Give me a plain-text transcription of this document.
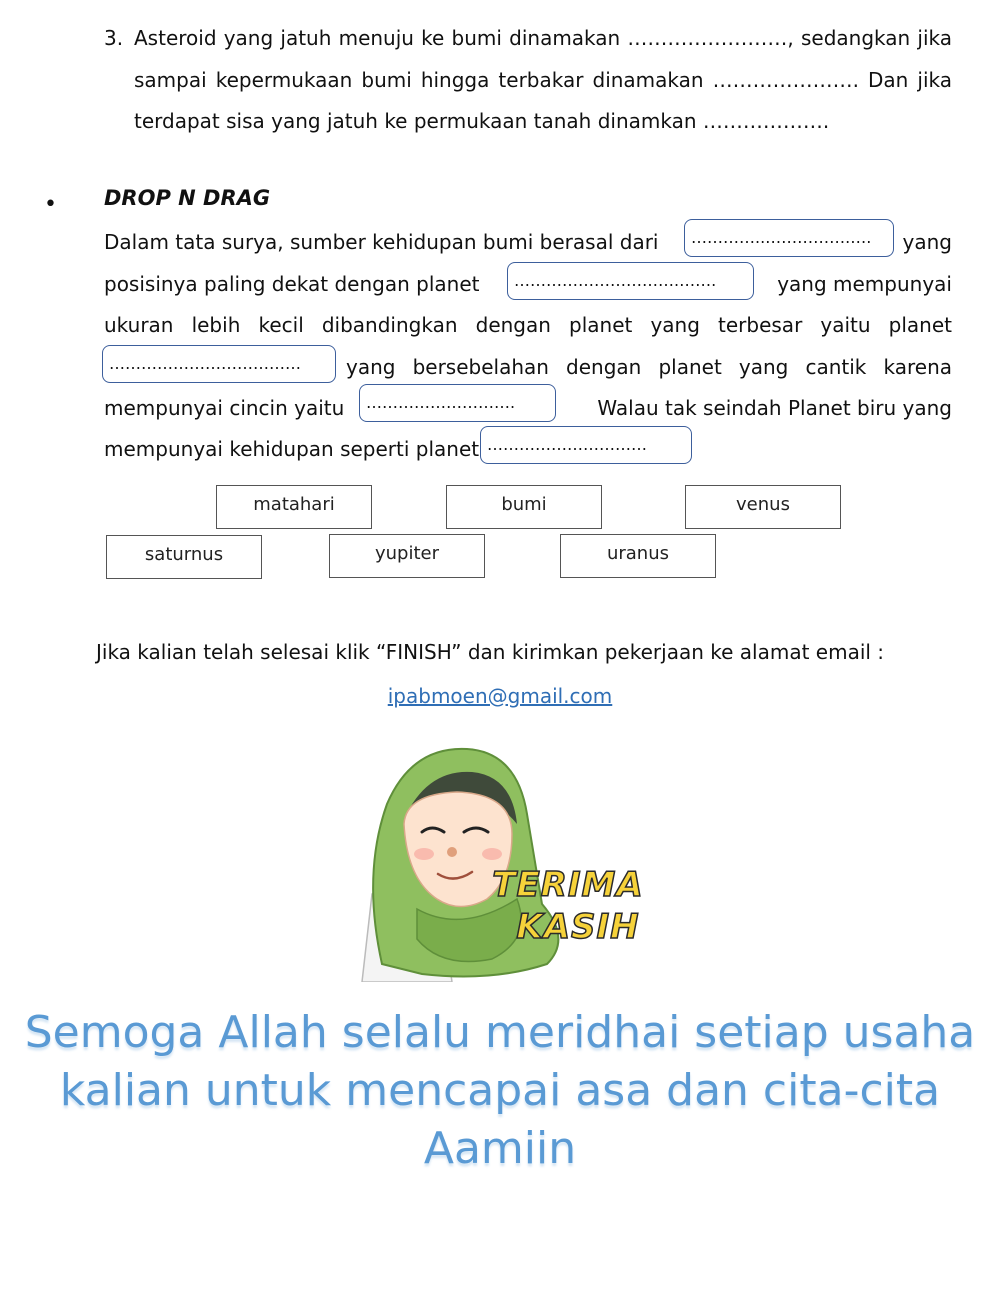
3. Asteroid yang jatuh menuju ke bumi dinamakan ……………………, sedangkan jika
sampai kepermukaan bumi hingga terbakar dinamakan …………………. Dan jika
terdapat sisa yang jatuh ke permukaan tanah dinamkan ……………….
• DROP N DRAG
Dalam tata surya, sumber kehidupan bumi berasal dari	yang
posisinya paling dekat dengan planet	yang mempunyai
ukuran lebih kecil dibandingkan dengan planet yang terbesar yaitu planet
yang bersebelahan dengan planet yang cantik karena
mempunyai cincin yaitu	Walau tak seindah Planet biru yang
mempunyai kehidupan seperti planet
…………..…………….….
………………………….…….
………………………………
……………………….
…………………………
matahari	bumi	venus
saturnus	yupiter	uranus
Jika kalian telah selesai klik “FINISH” dan kirimkan pekerjaan ke alamat email :
ipabmoen@gmail.com
TERIMA
KASIH
Semoga Allah selalu meridhai setiap usaha
kalian untuk mencapai asa dan cita-cita
Aamiin
